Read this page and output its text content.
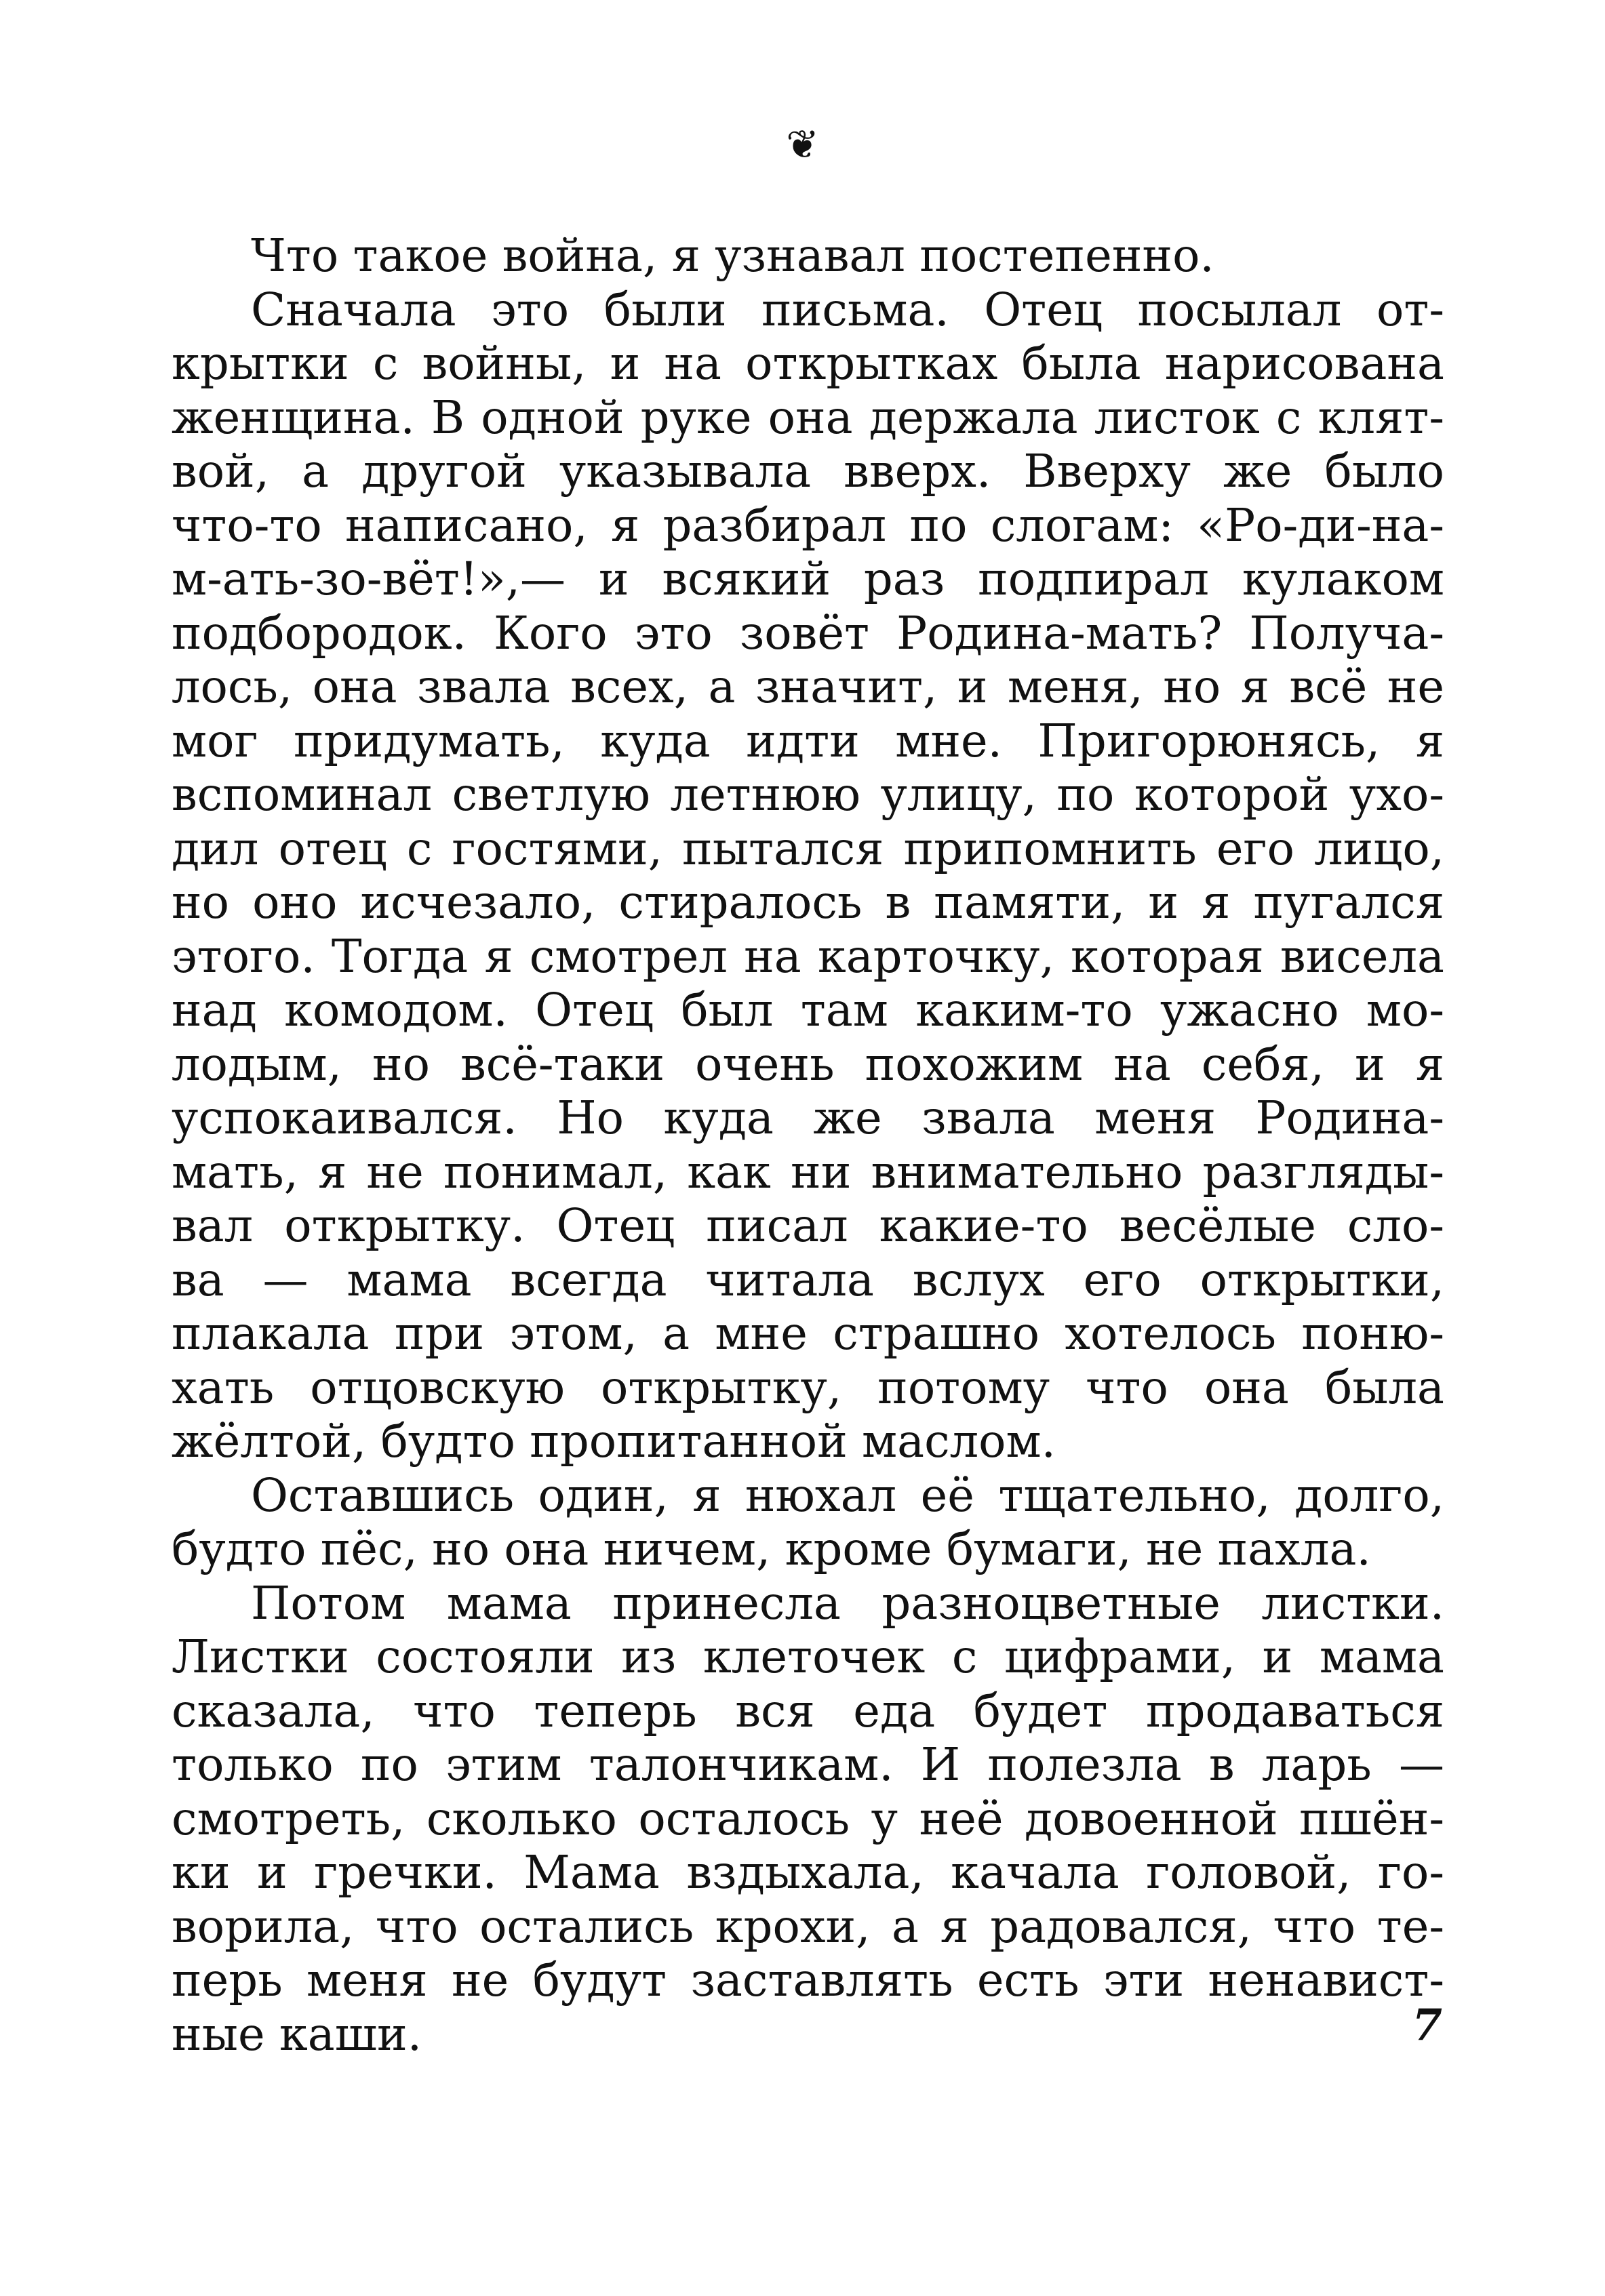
❦
Что такое война, я узнавал постепенно.
Сначала это были письма. Отец посылал от-
крытки с войны, и на открытках была нарисована
женщина. В одной руке она держала листок с клят-
вой, а другой указывала вверх. Вверху же было
что-то написано, я разбирал по слогам: «Ро-ди-на-
м-ать-зо-вёт!»,— и всякий раз подпирал кулаком
подбородок. Кого это зовёт Родина-мать? Получа-
лось, она звала всех, а значит, и меня, но я всё не
мог придумать, куда идти мне. Пригорюнясь, я
вспоминал светлую летнюю улицу, по которой ухо-
дил отец с гостями, пытался припомнить его лицо,
но оно исчезало, стиралось в памяти, и я пугался
этого. Тогда я смотрел на карточку, которая висела
над комодом. Отец был там каким-то ужасно мо-
лодым, но всё-таки очень похожим на себя, и я
успокаивался. Но куда же звала меня Родина-
мать, я не понимал, как ни внимательно разгляды-
вал открытку. Отец писал какие-то весёлые сло-
ва — мама всегда читала вслух его открытки,
плакала при этом, а мне страшно хотелось поню-
хать отцовскую открытку, потому что она была
жёлтой, будто пропитанной маслом.
Оставшись один, я нюхал её тщательно, долго,
будто пёс, но она ничем, кроме бумаги, не пахла.
Потом мама принесла разноцветные листки.
Листки состояли из клеточек с цифрами, и мама
сказала, что теперь вся еда будет продаваться
только по этим талончикам. И полезла в ларь —
смотреть, сколько осталось у неё довоенной пшён-
ки и гречки. Мама вздыхала, качала головой, го-
ворила, что остались крохи, а я радовался, что те-
перь меня не будут заставлять есть эти ненавист-
ные каши.	7
